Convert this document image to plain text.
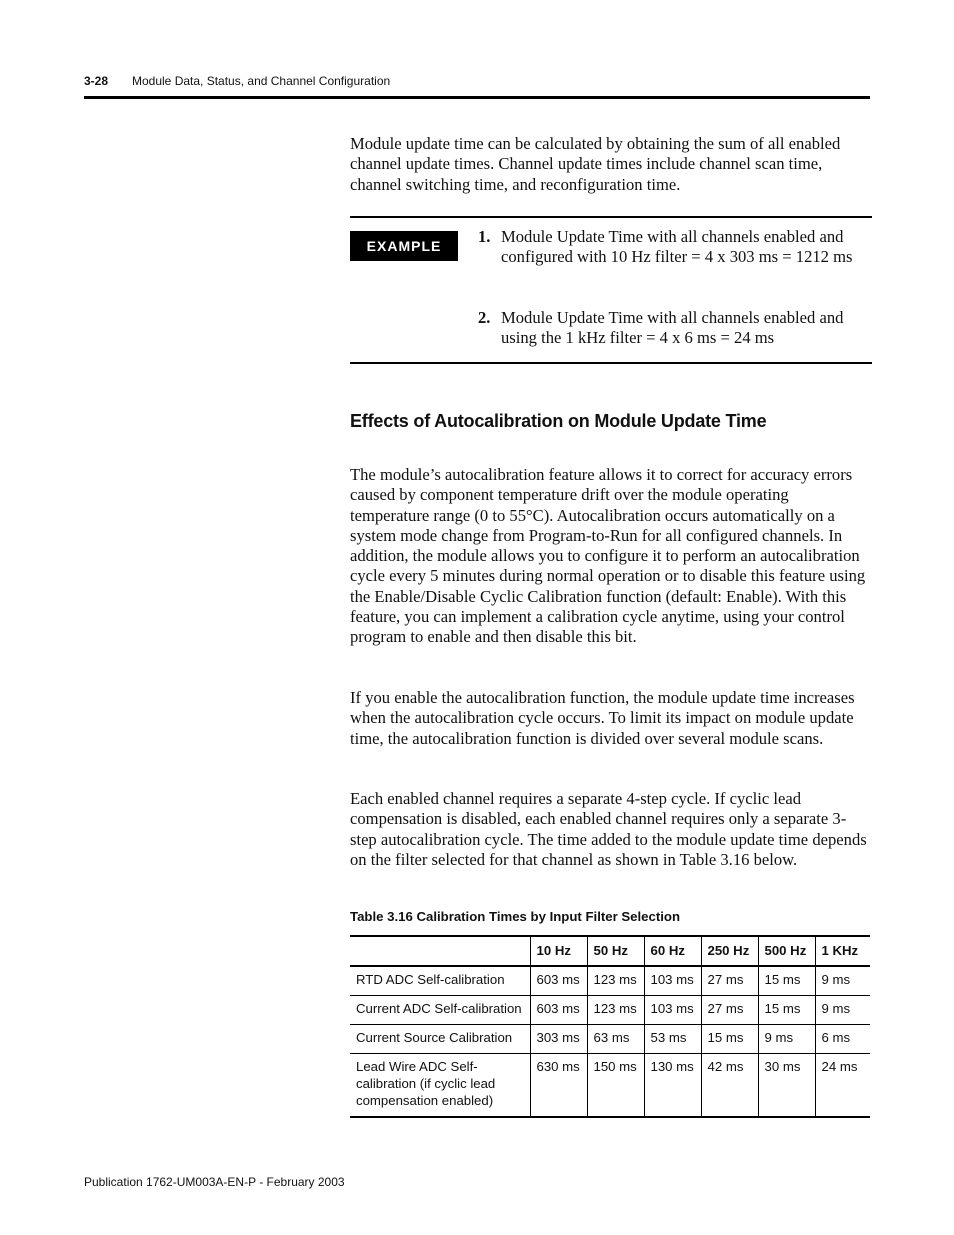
3-28 Module Data, Status, and Channel Configuration

Module update time can be calculated by obtaining the sum of all enabled channel update times. Channel update times include channel scan time, channel switching time, and reconfiguration time.

EXAMPLE	1. Module Update Time with all channels enabled and configured with 10 Hz filter = 4 x 303 ms = 1212 ms
2. Module Update Time with all channels enabled and using the 1 kHz filter = 4 x 6 ms = 24 ms
Effects of Autocalibration on Module Update Time

The module’s autocalibration feature allows it to correct for accuracy errors caused by component temperature drift over the module operating temperature range (0 to 55°C). Autocalibration occurs automatically on a system mode change from Program-to-Run for all configured channels. In addition, the module allows you to configure it to perform an autocalibration cycle every 5 minutes during normal operation or to disable this feature using the Enable/Disable Cyclic Calibration function (default: Enable). With this feature, you can implement a calibration cycle anytime, using your control program to enable and then disable this bit.

If you enable the autocalibration function, the module update time increases when the autocalibration cycle occurs. To limit its impact on module update time, the autocalibration function is divided over several module scans.

Each enabled channel requires a separate 4-step cycle. If cyclic lead compensation is disabled, each enabled channel requires only a separate 3-step autocalibration cycle. The time added to the module update time depends on the filter selected for that channel as shown in Table 3.16 below.

Table 3.16 Calibration Times by Input Filter Selection
	10 Hz	50 Hz	60 Hz	250 Hz	500 Hz	1 KHz
RTD ADC Self-calibration	603 ms	123 ms	103 ms	27 ms	15 ms	9 ms
Current ADC Self-calibration	603 ms	123 ms	103 ms	27 ms	15 ms	9 ms
Current Source Calibration	303 ms	63 ms	53 ms	15 ms	9 ms	6 ms
Lead Wire ADC Self-calibration (if cyclic lead compensation enabled)	630 ms	150 ms	130 ms	42 ms	30 ms	24 ms
Publication 1762-UM003A-EN-P - February 2003
